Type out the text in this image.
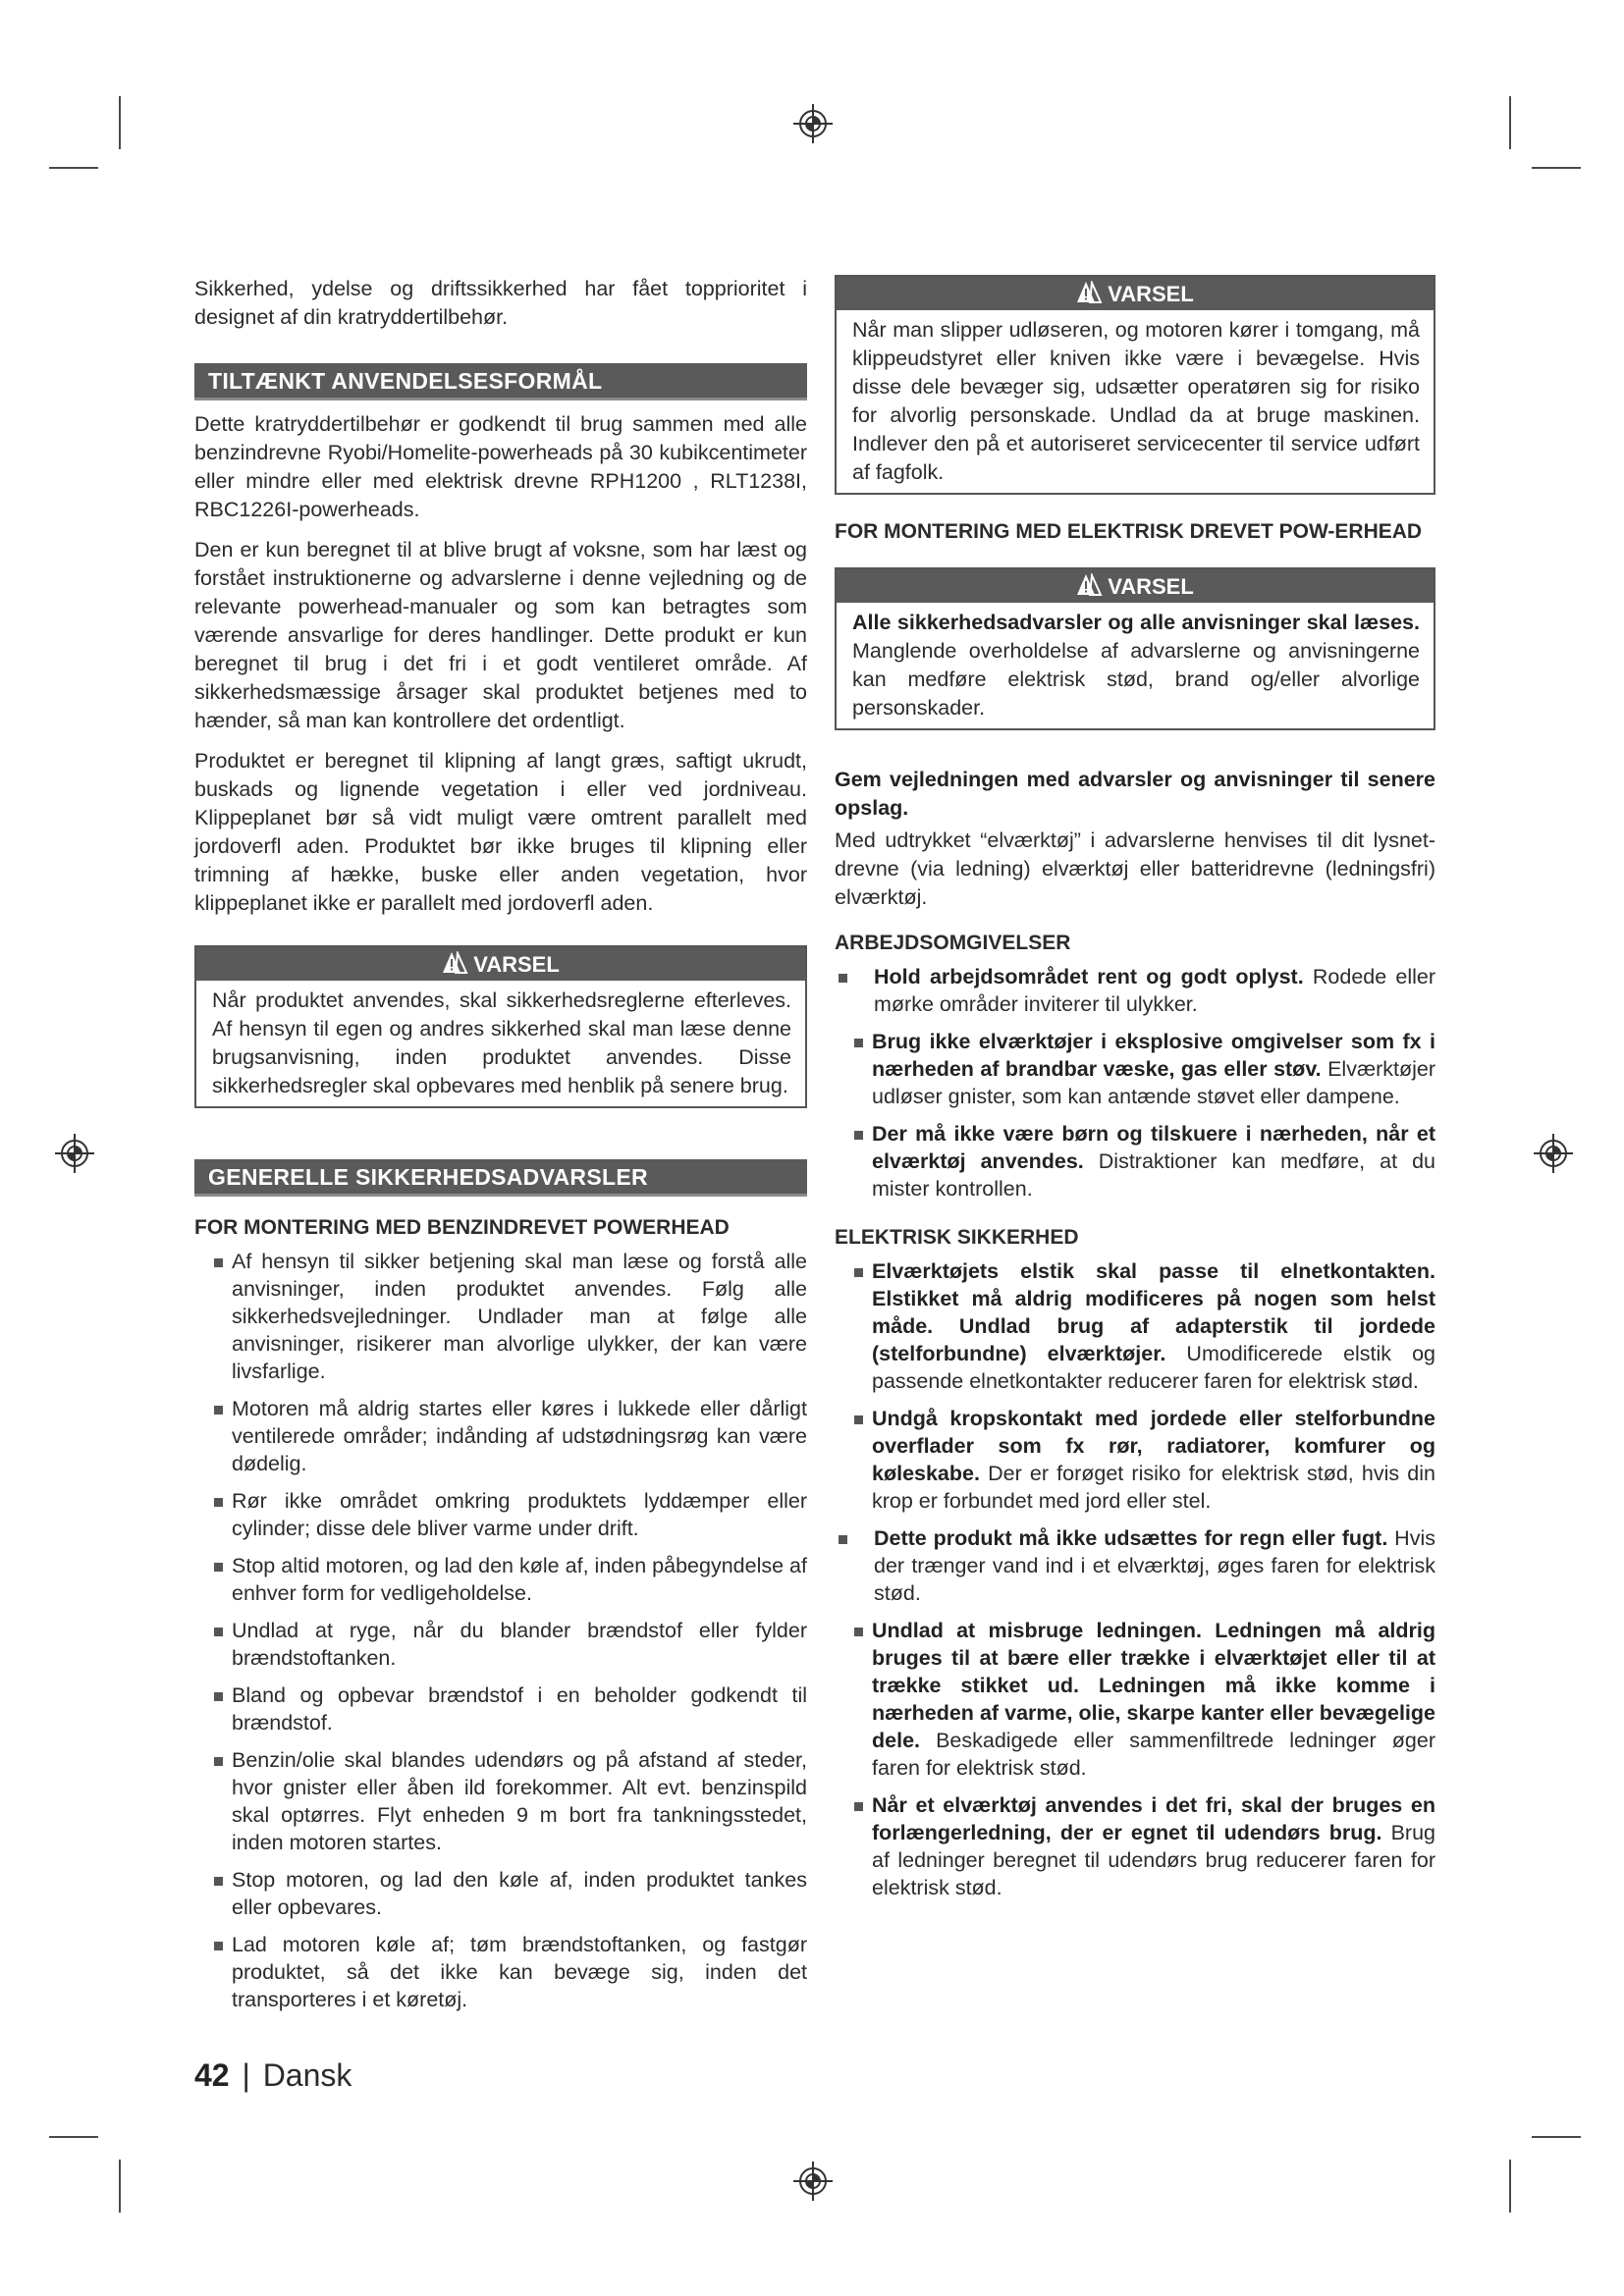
Sikkerhed, ydelse og driftssikkerhed har fået topprioritet i designet af din kratryddertilbehør.

TILTÆNKT ANVENDELSESFORMÅL

Dette kratryddertilbehør er godkendt til brug sammen med alle benzindrevne Ryobi/Homelite-powerheads på 30 kubikcentimeter eller mindre eller med elektrisk drevne RPH1200 , RLT1238I, RBC1226I-powerheads.

Den er kun beregnet til at blive brugt af voksne, som har læst og forstået instruktionerne og advarslerne i denne vejledning og de relevante powerhead-manualer og som kan betragtes som værende ansvarlige for deres handlinger. Dette produkt er kun beregnet til brug i det fri i et godt ventileret område. Af sikkerhedsmæssige årsager skal produktet betjenes med to hænder, så man kan kontrollere det ordentligt.

Produktet er beregnet til klipning af langt græs, saftigt ukrudt, buskads og lignende vegetation i eller ved jordniveau. Klippeplanet bør så vidt muligt være omtrent parallelt med jordoverfl aden. Produktet bør ikke bruges til klipning eller trimning af hække, buske eller anden vegetation, hvor klippeplanet ikke er parallelt med jordoverfl aden.

VARSEL

Når produktet anvendes, skal sikkerhedsreglerne efterleves. Af hensyn til egen og andres sikkerhed skal man læse denne brugsanvisning, inden produktet anvendes. Disse sikkerhedsregler skal opbevares med henblik på senere brug.

GENERELLE SIKKERHEDSADVARSLER
FOR MONTERING MED BENZINDREVET POWERHEAD
Af hensyn til sikker betjening skal man læse og forstå alle anvisninger, inden produktet anvendes. Følg alle sikkerhedsvejledninger. Undlader man at følge alle anvisninger, risikerer man alvorlige ulykker, der kan være livsfarlige.
Motoren må aldrig startes eller køres i lukkede eller dårligt ventilerede områder; indånding af udstødningsrøg kan være dødelig.
Rør ikke området omkring produktets lyddæmper eller cylinder; disse dele bliver varme under drift.
Stop altid motoren, og lad den køle af, inden påbegyndelse af enhver form for vedligeholdelse.
Undlad at ryge, når du blander brændstof eller fylder brændstoftanken.
Bland og opbevar brændstof i en beholder godkendt til brændstof.
Benzin/olie skal blandes udendørs og på afstand af steder, hvor gnister eller åben ild forekommer. Alt evt. benzinspild skal optørres. Flyt enheden 9 m bort fra tankningsstedet, inden motoren startes.
Stop motoren, og lad den køle af, inden produktet tankes eller opbevares.
Lad motoren køle af; tøm brændstoftanken, og fastgør produktet, så det ikke kan bevæge sig, inden det transporteres i et køretøj.
VARSEL

Når man slipper udløseren, og motoren kører i tomgang, må klippeudstyret eller kniven ikke være i bevægelse. Hvis disse dele bevæger sig, udsætter operatøren sig for risiko for alvorlig personskade. Undlad da at bruge maskinen. Indlever den på et autoriseret servicecenter til service udført af fagfolk.

FOR MONTERING MED ELEKTRISK DREVET POW-ERHEAD
VARSEL

Alle sikkerhedsadvarsler og alle anvisninger skal læses. Manglende overholdelse af advarslerne og anvisningerne kan medføre elektrisk stød, brand og/eller alvorlige personskader.

Gem vejledningen med advarsler og anvisninger til senere opslag.

Med udtrykket “elværktøj” i advarslerne henvises til dit lysnet-drevne (via ledning) elværktøj eller batteridrevne (ledningsfri) elværktøj.

ARBEJDSOMGIVELSER
Hold arbejdsområdet rent og godt oplyst. Rodede eller mørke områder inviterer til ulykker.
Brug ikke elværktøjer i eksplosive omgivelser som fx i nærheden af brandbar væske, gas eller støv. Elværktøjer udløser gnister, som kan antænde støvet eller dampene.
Der må ikke være børn og tilskuere i nærheden, når et elværktøj anvendes. Distraktioner kan medføre, at du mister kontrollen.
ELEKTRISK SIKKERHED
Elværktøjets elstik skal passe til elnetkontakten. Elstikket må aldrig modificeres på nogen som helst måde. Undlad brug af adapterstik til jordede (stelforbundne) elværktøjer. Umodificerede elstik og passende elnetkontakter reducerer faren for elektrisk stød.
Undgå kropskontakt med jordede eller stelforbundne overflader som fx rør, radiatorer, komfurer og køleskabe. Der er forøget risiko for elektrisk stød, hvis din krop er forbundet med jord eller stel.
Dette produkt må ikke udsættes for regn eller fugt. Hvis der trænger vand ind i et elværktøj, øges faren for elektrisk stød.
Undlad at misbruge ledningen. Ledningen må aldrig bruges til at bære eller trække i elværktøjet eller til at trække stikket ud. Ledningen må ikke komme i nærheden af varme, olie, skarpe kanter eller bevægelige dele. Beskadigede eller sammenfiltrede ledninger øger faren for elektrisk stød.
Når et elværktøj anvendes i det fri, skal der bruges en forlængerledning, der er egnet til udendørs brug. Brug af ledninger beregnet til udendørs brug reducerer faren for elektrisk stød.
42 | Dansk
